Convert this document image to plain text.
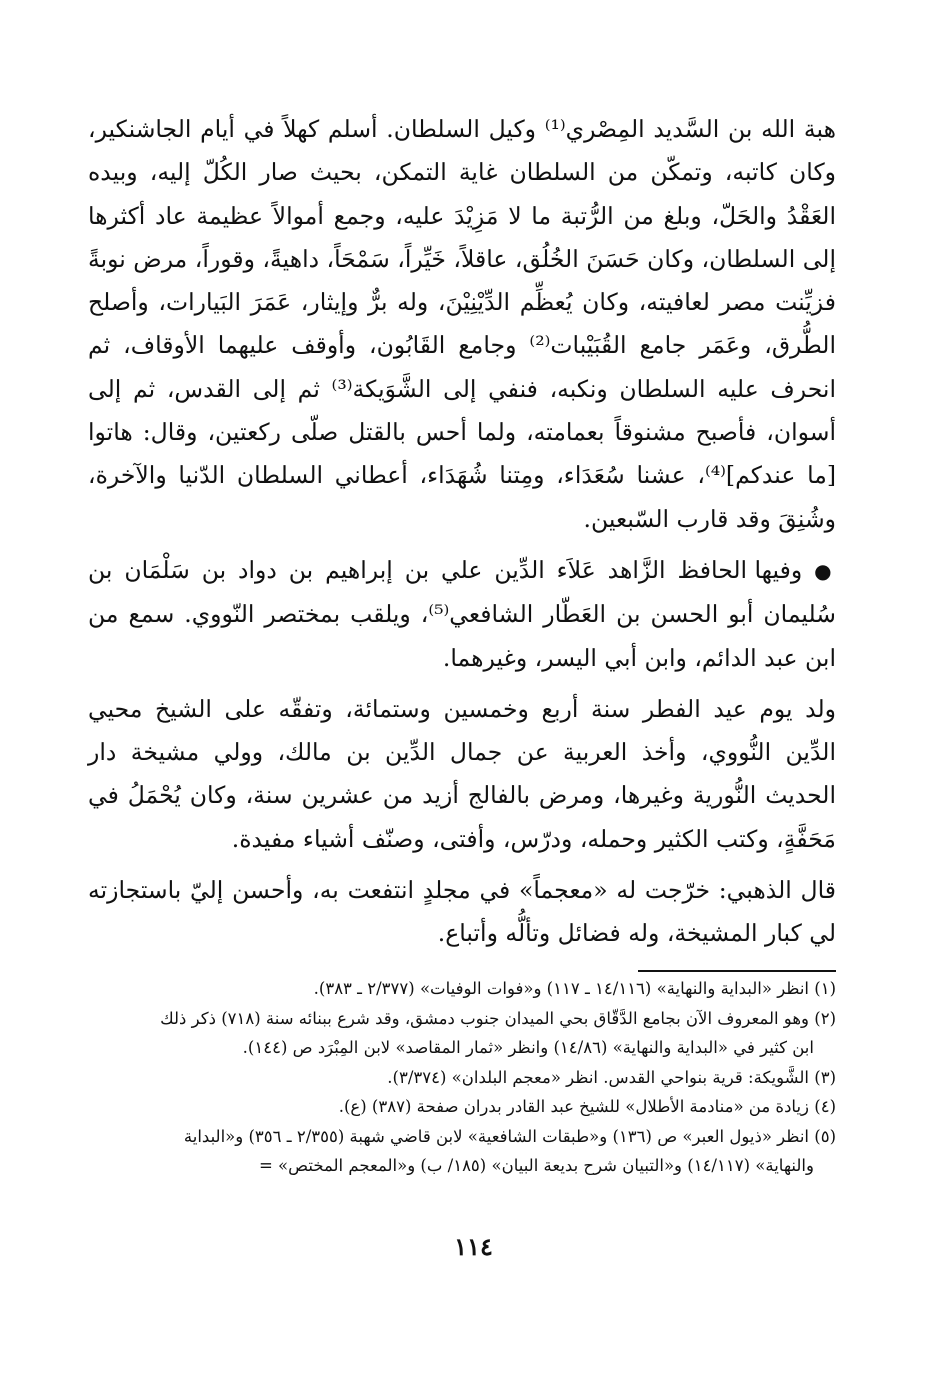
هبة الله بن السَّديد المِصْري⁽¹⁾ وكيل السلطان. أسلم كهلاً في أيام الجاشنكير، وكان كاتبه، وتمكّن من السلطان غاية التمكن، بحيث صار الكُلّ إليه، وبيده العَقْدُ والحَلّ، وبلغ من الرُّتبة ما لا مَزِيْدَ عليه، وجمع أموالاً عظيمة عاد أكثرها إلى السلطان، وكان حَسَنَ الخُلُق، عاقلاً، خَيِّراً، سَمْحَاً، داهيةً، وقوراً، مرض نوبةً فزيِّنت مصر لعافيته، وكان يُعظِّم الدِّيْنِيْنَ، وله برٌّ وإيثار، عَمَرَ البَيارات، وأصلح الطُّرق، وعَمَر جامع القُبَيْبات⁽²⁾ وجامع القَابُون، وأوقف عليهما الأوقاف، ثم انحرف عليه السلطان ونكبه، فنفي إلى الشَّوَيكة⁽³⁾ ثم إلى القدس، ثم إلى أسوان، فأصبح مشنوقاً بعمامته، ولما أحس بالقتل صلّى ركعتين، وقال: هاتوا [ما عندكم]⁽⁴⁾، عشنا سُعَدَاء، ومِتنا شُهَدَاء، أعطاني السلطان الدّنيا والآخرة، وشُنِقَ وقد قارب السّبعين.

● وفيها الحافظ الزَّاهد عَلاَء الدِّين علي بن إبراهيم بن دواد بن سَلْمَان بن سُليمان أبو الحسن بن العَطّار الشافعي⁽⁵⁾، ويلقب بمختصر النّووي. سمع من ابن عبد الدائم، وابن أبي اليسر، وغيرهما.

ولد يوم عيد الفطر سنة أربع وخمسين وستمائة، وتفقّه على الشيخ محيي الدِّين النُّووي، وأخذ العربية عن جمال الدِّين بن مالك، وولي مشيخة دار الحديث النُّورية وغيرها، ومرض بالفالج أزيد من عشرين سنة، وكان يُحْمَلُ في مَحَفَّةٍ، وكتب الكثير وحمله، ودرّس، وأفتى، وصنّف أشياء مفيدة.

قال الذهبي: خرّجت له «معجماً» في مجلدٍ انتفعت به، وأحسن إليّ باستجازته لي كبار المشيخة، وله فضائل وتألُّه وأتباع.

(١) انظر «البداية والنهاية» (١٤/١١٦ ـ ١١٧) و«فوات الوفيات» (٢/٣٧٧ ـ ٣٨٣).

(٢) وهو المعروف الآن بجامع الدَّقّاق بحي الميدان جنوب دمشق، وقد شرع ببنائه سنة (٧١٨) ذكر ذلك

ابن كثير في «البداية والنهاية» (١٤/٨٦) وانظر «ثمار المقاصد» لابن المِبْرَد ص (١٤٤).

(٣) الشَّويكة: قرية بنواحي القدس. انظر «معجم البلدان» (٣/٣٧٤).

(٤) زيادة من «منادمة الأطلال» للشيخ عبد القادر بدران صفحة (٣٨٧) (ع).

(٥) انظر «ذيول العبر» ص (١٣٦) و«طبقات الشافعية» لابن قاضي شهبة (٢/٣٥٥ ـ ٣٥٦) و«البداية

والنهاية» (١٤/١١٧) و«التبيان شرح بديعة البيان» (١٨٥/ ب) و«المعجم المختص» =

١١٤
